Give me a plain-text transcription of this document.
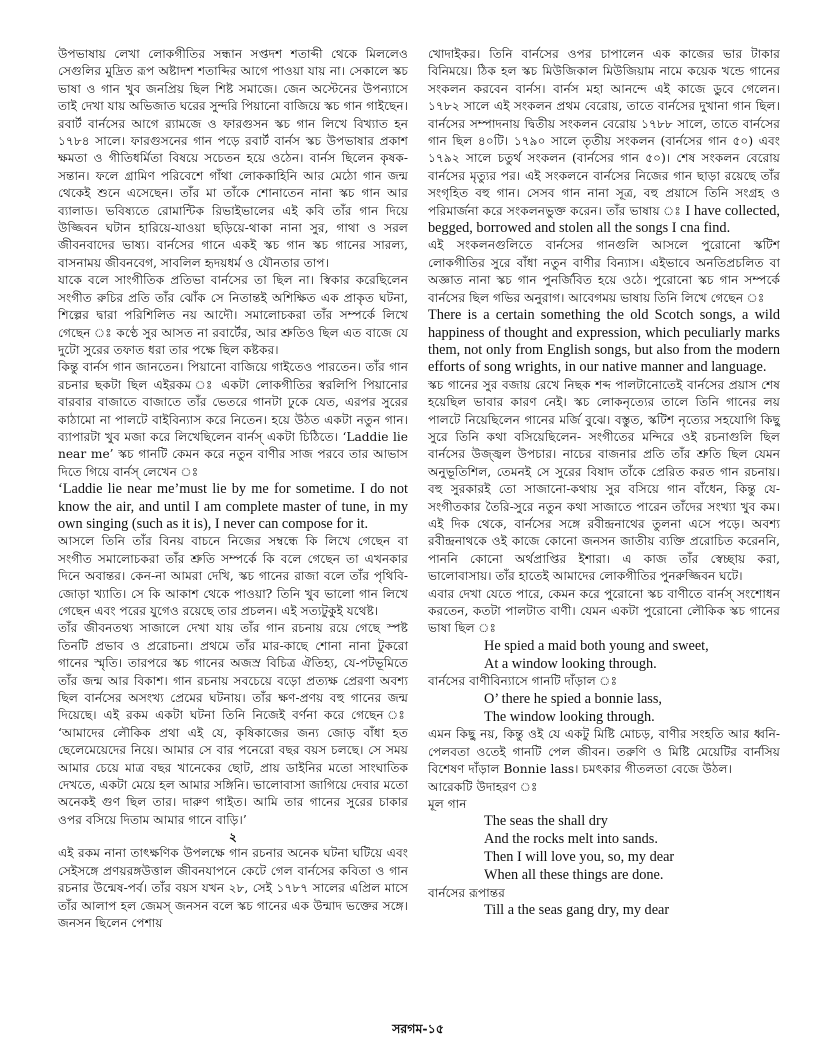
উপভাষায় লেখা লোকগীতির সন্ধান সপ্তদশ শতাব্দী থেকে মিললেও সেগুলির মুদ্রিত রূপ অষ্টাদশ শতাব্দির আগে পাওয়া যায় না। সেকালে স্কচ ভাষা ও গান খুব জনপ্রিয় ছিল শিষ্ট সমাজে। জেন অস্টেনের উপন্যাসে তাই দেখা যায় অভিজাত ঘরের সুন্দরি পিয়ানো বাজিয়ে স্কচ গান গাইছেন। রবার্ট বার্নসের আগে র‍্যামজে ও ফারগুসন স্কচ গান লিখে বিখ্যাত হন ১৭৮৪ সালে। ফারগুসনের গান পড়ে রবার্ট বার্নস স্কচ উপভাষার প্রকাশ ক্ষমতা ও গীতিধর্মিতা বিষয়ে সচেতন হয়ে ওঠেন। বার্নস ছিলেন কৃষক-সন্তান। ফলে গ্রামিণ পরিবেশে গাঁথা লোককাহিনি আর মেঠো গান জন্ম থেকেই শুনে এসেছেন। তাঁর মা তাঁকে শোনাতেন নানা স্কচ গান আর ব্যালাড। ভবিষ্যতে রোমান্টিক রিভাইভালের এই কবি তাঁর গান দিয়ে উজ্জিবন ঘটান হারিয়ে-যাওয়া ছড়িয়ে-থাকা নানা সুর, গাথা ও সরল জীবনবাদের ভাষ্য। বার্নসের গানে একই স্কচ গান স্কচ গানের সারল্য, বাসনাময় জীবনবেগ, সাবলিল হৃদয়ধর্ম ও যৌনতার তাপ।

যাকে বলে সাংগীতিক প্রতিভা বার্নসের তা ছিল না। স্বিকার করেছিলেন সংগীত রুচির প্রতি তাঁর ঝোঁক সে নিতান্তই অশিক্ষিত এক প্রাকৃত ঘটনা, শিল্পের দ্বারা পরিশিলিত নয় আদৌ। সমালোচকরা তাঁর সম্পর্কে লিখে গেছেন ঃ কণ্ঠে সুর আসত না রবার্টের, আর শ্রুতিও ছিল এত বাজে যে দুটো সুরের তফাত ধরা তার পক্ষে ছিল কষ্টকর।

কিন্তু বার্নস গান জানতেন। পিয়ানো বাজিয়ে গাইতেও পারতেন। তাঁর গান রচনার ছকটা ছিল এইরকম ঃ একটা লোকগীতির স্বরলিপি পিয়ানোর বারবার বাজাতে বাজাতে তাঁর ভেতরে গানটা ঢুকে যেত, এরপর সুরের কাঠামো না পালটে বাইবিন্যাস করে নিতেন। হয়ে উঠত একটা নতুন গান। ব্যাপারটা খুব মজা করে লিখেছিলেন বার্নস্ একটা চিঠিতে। ‘Laddie lie near me’ স্কচ গানটি কেমন করে নতুন বাণীর সাজ পরবে তার আভাস দিতে গিয়ে বার্নস্ লেখেন ঃ

‘Laddie lie near me’must lie by me for sometime. I do not know the air, and until I am complete master of tune, in my own singing (such as it is), I never can compose for it.

আসলে তিনি তাঁর বিনয় বাচনে নিজের সম্বন্ধে কি লিখে গেছেন বা সংগীত সমালোচকরা তাঁর শ্রুতি সম্পর্কে কি বলে গেছেন তা এখনকার দিনে অবান্তর। কেন-না আমরা দেখি, স্কচ গানের রাজা বলে তাঁর পৃথিবি-জোড়া খ্যাতি। সে কি আকাশ থেকে পাওয়া? তিনি খুব ভালো গান লিখে গেছেন এবং পরের যুগেও রয়েছে তার প্রচলন। এই সত্যটুকুই যথেষ্ট।

তাঁর জীবনতথ্য সাজালে দেখা যায় তাঁর গান রচনায় রয়ে গেছে স্পষ্ট তিনটি প্রভাব ও প্ররোচনা। প্রথমে তাঁর মার-কাছে শোনা নানা টুকরো গানের স্মৃতি। তারপরে স্কচ গানের অজস্র বিচিত্র ঐতিহ্য, যে-পটভূমিতে তাঁর জন্ম আর বিকাশ। গান রচনায় সবচেয়ে বড়ো প্রত্যক্ষ প্রেরণা অবশ্য ছিল বার্নসের অসংখ্য প্রেমের ঘটনায়। তাঁর ক্ষণ-প্রণয় বহু গানের জন্ম দিয়েছে। এই রকম একটা ঘটনা তিনি নিজেই বর্ণনা করে গেছেন ঃ ‘আমাদের লৌকিক প্রথা এই যে, কৃষিকাজের জন্য জোড় বাঁধা হত ছেলেমেয়েদের নিয়ে। আমার সে বার পনেরো বছর বয়স চলছে। সে সময় আমার চেয়ে মাত্র বছর খানেকের ছোট, প্রায় ডাইনির মতো সাংঘাতিক দেখতে, একটা মেয়ে হল আমার সঙ্গিনি। ভালোবাসা জাগিয়ে দেবার মতো অনেকই গুণ ছিল তার। দারুণ গাইত। আমি তার গানের সুরের চাকার ওপর বসিয়ে দিতাম আমার গানে বাড়ি।’

২

এই রকম নানা তাৎক্ষণিক উপলক্ষে গান রচনার অনেক ঘটনা ঘটিয়ে এবং সেইসঙ্গে প্রণয়রঙ্গউত্তাল জীবনযাপনে কেটে গেল বার্নসের কবিতা ও গান রচনার উন্মেষ-পর্ব। তাঁর বয়স যখন ২৮, সেই ১৭৮৭ সালের এপ্রিল মাসে তাঁর আলাপ হল জেমস্ জনসন বলে স্কচ গানের এক উন্মাদ ভক্তের সঙ্গে। জনসন ছিলেন পেশায়

খোদাইকর। তিনি বার্নসের ওপর চাপালেন এক কাজের ভার টাকার বিনিময়ে। ঠিক হল স্কচ মিউজিকাল মিউজিয়াম নামে কয়েক খন্ডে গানের সংকলন করবেন বার্নস। বার্নস মহা আনন্দে এই কাজে ডুবে গেলেন। ১৭৮২ সালে এই সংকলন প্রথম বেরোয়, তাতে বার্নসের দুখানা গান ছিল। বার্নসের সম্পাদনায় দ্বিতীয় সংকলন বেরোয় ১৭৮৮ সালে, তাতে বার্নসের গান ছিল ৪০টি। ১৭৯০ সালে তৃতীয় সংকলন (বার্নসের গান ৫০) এবং ১৭৯২ সালে চতুর্থ সংকলন (বার্নসের গান ৫০)। শেষ সংকলন বেরোয় বার্নসের মৃত্যুর পর। এই সংকলনে বার্নসের নিজের গান ছাড়া রয়েছে তাঁর সংগৃহিত বহু গান। সেসব গান নানা সূত্র, বহু প্রয়াসে তিনি সংগ্রহ ও পরিমার্জনা করে সংকলনভুক্ত করেন। তাঁর ভাষায় ঃ I have collected, begged, borrowed and stolen all the songs I cna find.

এই সংকলনগুলিতে বার্নসের গানগুলি আসলে পুরোনো স্কটিশ লোকগীতির সুরে বাঁধা নতুন বাণীর বিন্যাস। এইভাবে অনতিপ্রচলিত বা অজ্ঞাত নানা স্কচ গান পুনর্জিবিত হয়ে ওঠে। পুরোনো স্কচ গান সম্পর্কে বার্নসের ছিল গভির অনুরাগ। আবেগময় ভাষায় তিনি লিখে গেছেন ঃ

There is a certain something the old Scotch songs, a wild happiness of thought and expression, which peculiarly marks them, not only from English songs, but also from the modern efforts of song wrights, in our native manner and language.

স্কচ গানের সুর বজায় রেখে নিছক শব্দ পালটানোতেই বার্নসের প্রয়াস শেষ হয়েছিল ভাবার কারণ নেই। স্কচ লোকনৃত্যের তালে তিনি গানের লয় পালটে নিয়েছিলেন গানের মর্জি বুঝে। বস্তুত, স্কটিশ নৃত্যের সহযোগি কিছু সুরে তিনি কথা বসিয়েছিলেন- সংগীতের মন্দিরে ওই রচনাগুলি ছিল বার্নসের উজ্জ্বল উপচার। নাচের বাজনার প্রতি তাঁর শ্রুতি ছিল যেমন অনুভূতিশিল, তেমনই সে সুরের বিষাদ তাঁকে প্রেরিত করত গান রচনায়। বহু সুরকারই তো সাজানো-কথায় সুর বসিয়ে গান বাঁধেন, কিন্তু যে-সংগীতকার তৈরি-সুরে নতুন কথা সাজাতে পারেন তাঁদের সংখ্যা খুব কম। এই দিক থেকে, বার্নসের সঙ্গে রবীন্দ্রনাথের তুলনা এসে পড়ে। অবশ্য রবীন্দ্রনাথকে ওই কাজে কোনো জনসন জাতীয় ব্যক্তি প্ররোচিত করেননি, পাননি কোনো অর্থপ্রাপ্তির ইশারা। এ কাজ তাঁর স্বেচ্ছায় করা, ভালোবাসায়। তাঁর হাতেই আমাদের লোকগীতির পুনরুজ্জিবন ঘটে।

এবার দেখা যেতে পারে, কেমন করে পুরোনো স্কচ বাণীতে বার্নস্ সংশোধন করতেন, কতটা পালটাত বাণী। যেমন একটা পুরোনো লৌকিক স্কচ গানের ভাষা ছিল ঃ

He spied a maid both young and sweet,
At a window looking through.

বার্নসের বাণীবিন্যাসে গানটি দাঁড়াল ঃ

O’ there he spied a bonnie lass,
The window looking through.

এমন কিছু নয়, কিন্তু ওই যে একটু মিষ্টি মোচড়, বাণীর সংহতি আর ধ্বনি-পেলবতা ওতেই গানটি পেল জীবন। তরুণি ও মিষ্টি মেয়েটির বার্নসিয় বিশেষণ দাঁড়াল Bonnie lass। চমৎকার গীতলতা বেজে উঠল।

আরেকটি উদাহরণ ঃ

মূল গান

The seas the shall dry
And the rocks melt into sands.
Then I will love you, so, my dear
When all these things are done.

বার্নসের রূপান্তর

Till a the seas gang dry, my dear
সরগম-১৫
